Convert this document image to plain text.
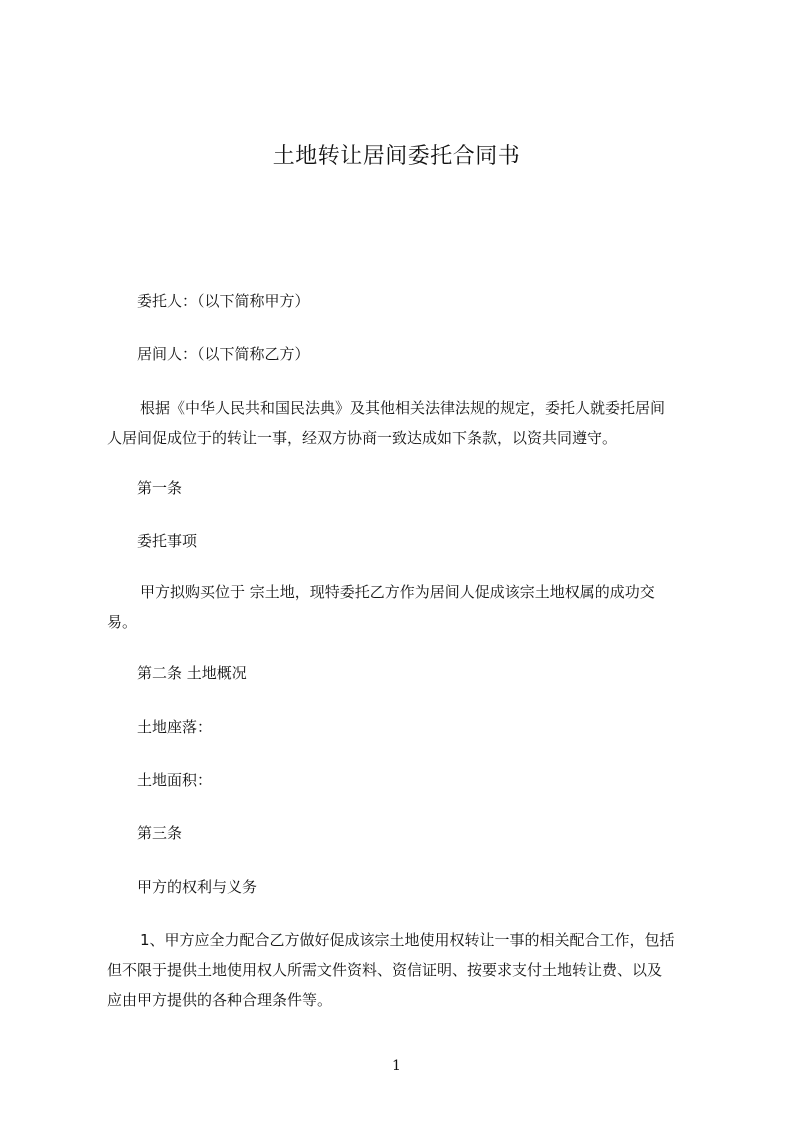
土地转让居间委托合同书
委托人：（以下简称甲方）
居间人：（以下简称乙方）
根据《中华人民共和国民法典》及其他相关法律法规的规定，委托人就委托居间
人居间促成位于的转让一事，经双方协商一致达成如下条款，以资共同遵守。
第一条
委托事项
甲方拟购买位于 宗土地，现特委托乙方作为居间人促成该宗土地权属的成功交
易。
第二条 土地概况
土地座落：
土地面积：
第三条
甲方的权利与义务
1、甲方应全力配合乙方做好促成该宗土地使用权转让一事的相关配合工作，包括
但不限于提供土地使用权人所需文件资料、资信证明、按要求支付土地转让费、以及
应由甲方提供的各种合理条件等。
1
